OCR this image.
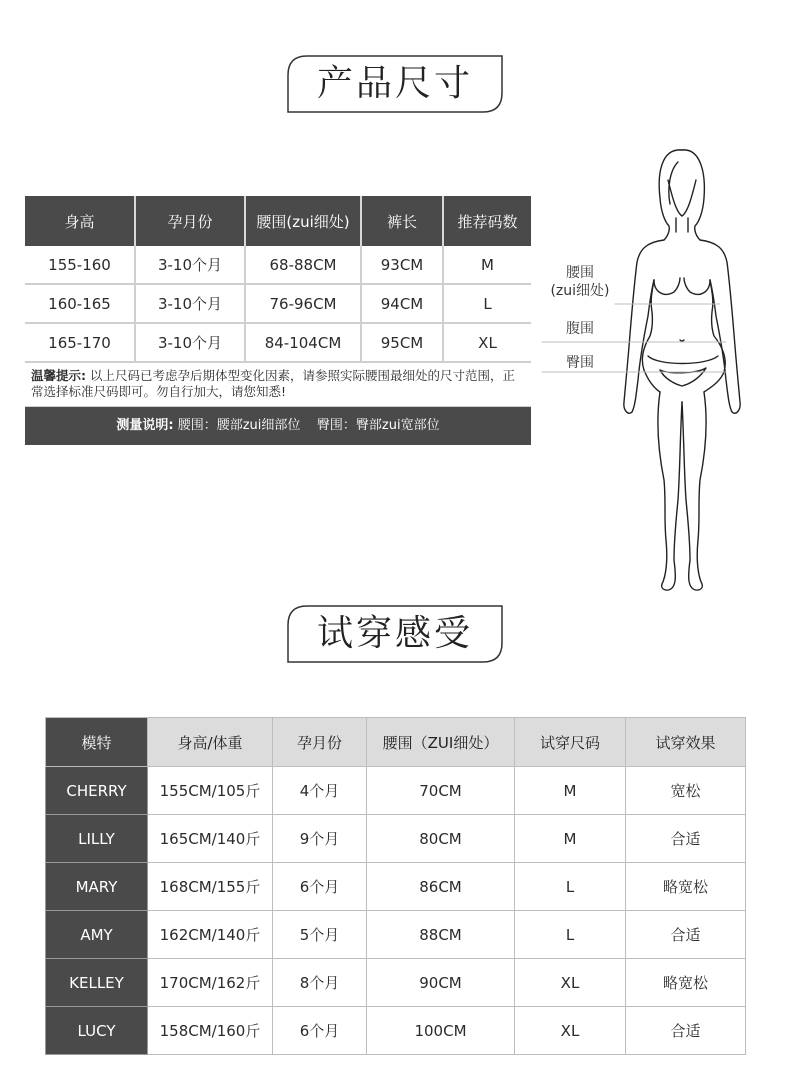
产品尺寸
身高	孕月份	腰围(zui细处)	裤长	推荐码数
155-160	3-10个月	68-88CM	93CM	M
160-165	3-10个月	76-96CM	94CM	L
165-170	3-10个月	84-104CM	95CM	XL
温馨提示: 以上尺码已考虑孕后期体型变化因素，请参照实际腰围最细处的尺寸范围，正常选择标准尺码即可。勿自行加大，请您知悉!
测量说明: 腰围：腰部zui细部位    臀围：臀部zui宽部位
腰围
(zui细处)
腹围
臀围
试穿感受
模特	身高/体重	孕月份	腰围（ZUI细处）	试穿尺码	试穿效果
CHERRY	155CM/105斤	4个月	70CM	M	宽松
LILLY	165CM/140斤	9个月	80CM	M	合适
MARY	168CM/155斤	6个月	86CM	L	略宽松
AMY	162CM/140斤	5个月	88CM	L	合适
KELLEY	170CM/162斤	8个月	90CM	XL	略宽松
LUCY	158CM/160斤	6个月	100CM	XL	合适
